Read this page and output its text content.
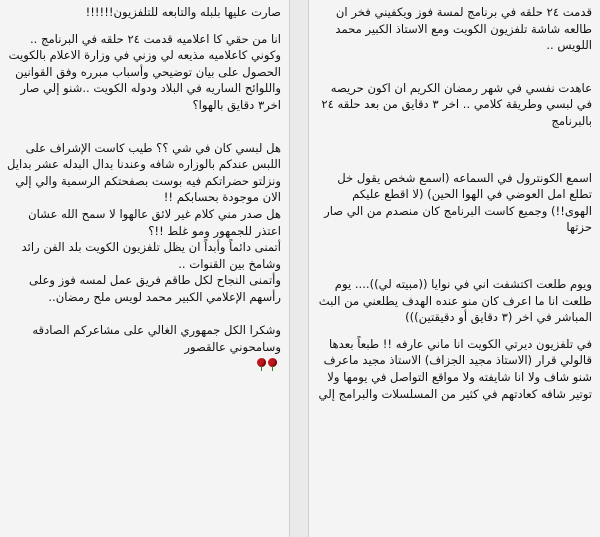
صارت عليها بلبله والتابعه للتلفزيون!!!!!!

انا من حقي كا اعلاميه قدمت ٢٤ حلقه في البرنامج .. وكوني كاعلاميه مذيعه لي وزني في وزارة الاعلام بالكويت الحصول على بيان توضيحي وأسباب مبرره وفق القوانين واللوائح الساريه في البلاد ودوله الكويت ..شنو إلي صار اخر٣ دقايق بالهوا؟

هل لبسي كان في شي ؟؟ طيب كاست الإشراف على اللبس عندكم بالوزاره شافه وعندنا بدال البدله عشر بدايل ونزلتو حضراتكم فيه بوست بصفحتكم الرسمية والي إلي الان موجودة بحسابكم !!

هل صدر مني كلام غير لائق عالهوا لا سمح الله عشان اعتذر للجمهور ومو غلط !!؟

أتمنى دائماً وأبداً ان يظل تلفزيون الكويت بلد الفن رائد وشامخ بين القنوات ..

وأتمنى النجاح لكل طاقم فريق عمل لمسه فوز وعلى رأسهم الإعلامي الكبير محمد لويس ملح رمضان..

وشكرا الكل جمهوري الغالي على مشاعركم الصادقه وسامحوني عالقصور

قدمت ٢٤ حلقه في برنامج لمسة فوز ويكفيني فخر ان طالعه شاشة تلفزيون الكويت ومع الاستاذ الكبير محمد اللويس ..

عاهدت نفسي في شهر رمضان الكريم ان اكون حريصه في لبسي وطريقة كلامي .. اخر ٣ دقايق من بعد حلقه ٢٤ بالبرنامج

اسمع الكونترول في السماعه (اسمع شخص يقول خل تطلع امل العوضي في الهوا الحين) (لا اقطع عليكم الهوى!!) وجميع كاست البرنامج كان منصدم من الي صار حزتها

ويوم طلعت اكتشفت اني في نوايا ((مبيته لي)).... يوم طلعت انا ما اعرف كان منو عنده الهدف يطلعني من البث المباشر في اخر (٣ دقايق أو دقيقتين)))

في تلفزيون ديرتي الكويت انا ماني عارفه !! طبعاً بعدها قالولي قرار (الاستاذ مجيد الجزاف) الاستاذ مجيد ماعرف شنو شاف ولا انا شايفته ولا مواقع التواصل في يومها ولا توتير شافه كعادتهم في كثير من المسلسلات والبرامج إلي
